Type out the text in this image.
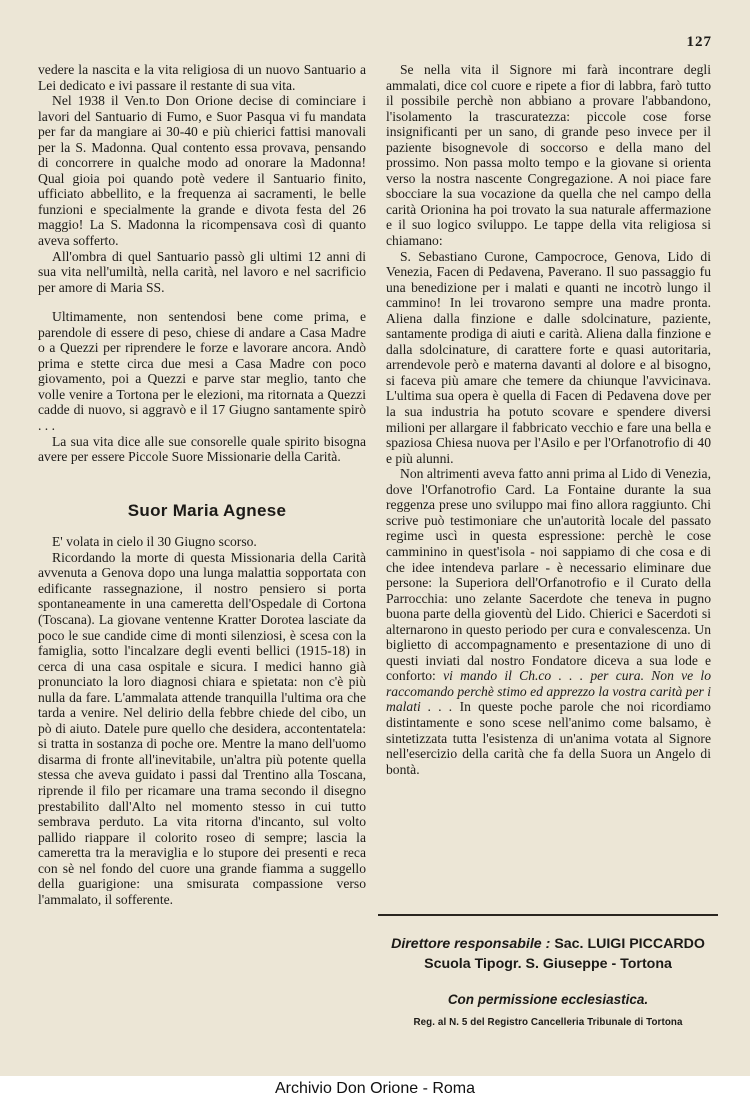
127

vedere la nascita e la vita religiosa di un nuovo Santuario a Lei dedicato e ivi passare il restante di sua vita.

Nel 1938 il Ven.to Don Orione decise di cominciare i lavori del Santuario di Fumo, e Suor Pasqua vi fu mandata per far da mangiare ai 30-40 e più chierici fattisi manovali per la S. Madonna. Qual contento essa provava, pensando di concorrere in qualche modo ad onorare la Madonna! Qual gioia poi quando potè vedere il Santuario finito, ufficiato abbellito, e la frequenza ai sacramenti, le belle funzioni e specialmente la grande e divota festa del 26 maggio! La S. Madonna la ricompensava così di quanto aveva sofferto.

All'ombra di quel Santuario passò gli ultimi 12 anni di sua vita nell'umiltà, nella carità, nel lavoro e nel sacrificio per amore di Maria SS.

Ultimamente, non sentendosi bene come prima, e parendole di essere di peso, chiese di andare a Casa Madre o a Quezzi per riprendere le forze e lavorare ancora. Andò prima e stette circa due mesi a Casa Madre con poco giovamento, poi a Quezzi e parve star meglio, tanto che volle venire a Tortona per le elezioni, ma ritornata a Quezzi cadde di nuovo, si aggravò e il 17 Giugno santamente spirò . . .

La sua vita dice alle sue consorelle quale spirito bisogna avere per essere Piccole Suore Missionarie della Carità.

Suor Maria Agnese

E' volata in cielo il 30 Giugno scorso.

Ricordando la morte di questa Missionaria della Carità avvenuta a Genova dopo una lunga malattia sopportata con edificante rassegnazione, il nostro pensiero si porta spontaneamente in una cameretta dell'Ospedale di Cortona (Toscana). La giovane ventenne Kratter Dorotea lasciate da poco le sue candide cime di monti silenziosi, è scesa con la famiglia, sotto l'incalzare degli eventi bellici (1915-18) in cerca di una casa ospitale e sicura. I medici hanno già pronunciato la loro diagnosi chiara e spietata: non c'è più nulla da fare. L'ammalata attende tranquilla l'ultima ora che tarda a venire. Nel delirio della febbre chiede del cibo, un pò di aiuto. Datele pure quello che desidera, accontentatela: si tratta in sostanza di poche ore. Mentre la mano dell'uomo disarma di fronte all'inevitabile, un'altra più potente quella stessa che aveva guidato i passi dal Trentino alla Toscana, riprende il filo per ricamare una trama secondo il disegno prestabilito dall'Alto nel momento stesso in cui tutto sembrava perduto. La vita ritorna d'incanto, sul volto pallido riappare il colorito roseo di sempre; lascia la cameretta tra la meraviglia e lo stupore dei presenti e reca con sè nel fondo del cuore una grande fiamma a suggello della guarigione: una smisurata compassione verso l'ammalato, il sofferente.

Se nella vita il Signore mi farà incontrare degli ammalati, dice col cuore e ripete a fior di labbra, farò tutto il possibile perchè non abbiano a provare l'abbandono, l'isolamento la trascuratezza: piccole cose forse insignificanti per un sano, di grande peso invece per il paziente bisognevole di soccorso e della mano del prossimo. Non passa molto tempo e la giovane si orienta verso la nostra nascente Congregazione. A noi piace fare sbocciare la sua vocazione da quella che nel campo della carità Orionina ha poi trovato la sua naturale affermazione e il suo logico sviluppo. Le tappe della vita religiosa si chiamano:

S. Sebastiano Curone, Campocroce, Genova, Lido di Venezia, Facen di Pedavena, Paverano. Il suo passaggio fu una benedizione per i malati e quanti ne incotrò lungo il cammino! In lei trovarono sempre una madre pronta. Aliena dalla finzione e dalle sdolcinature, paziente, santamente prodiga di aiuti e carità. Aliena dalla finzione e dalla sdolcinature, di carattere forte e quasi autoritaria, arrendevole però e materna davanti al dolore e al bisogno, si faceva più amare che temere da chiunque l'avvicinava. L'ultima sua opera è quella di Facen di Pedavena dove per la sua industria ha potuto scovare e spendere diversi milioni per allargare il fabbricato vecchio e fare una bella e spaziosa Chiesa nuova per l'Asilo e per l'Orfanotrofio di 40 e più alunni.

Non altrimenti aveva fatto anni prima al Lido di Venezia, dove l'Orfanotrofio Card. La Fontaine durante la sua reggenza prese uno sviluppo mai fino allora raggiunto. Chi scrive può testimoniare che un'autorità locale del passato regime uscì in questa espressione: perchè le cose camminino in quest'isola - noi sappiamo di che cosa e di che idee intendeva parlare - è necessario eliminare due persone: la Superiora dell'Orfanotrofio e il Curato della Parrocchia: uno zelante Sacerdote che teneva in pugno buona parte della gioventù del Lido. Chierici e Sacerdoti si alternarono in questo periodo per cura e convalescenza. Un biglietto di accompagnamento e presentazione di uno di questi inviati dal nostro Fondatore diceva a sua lode e conforto: vi mando il Ch.co . . . per cura. Non ve lo raccomando perchè stimo ed apprezzo la vostra carità per i malati . . . In queste poche parole che noi ricordiamo distintamente e sono scese nell'animo come balsamo, è sintetizzata tutta l'esistenza di un'anima votata al Signore nell'esercizio della carità che fa della Suora un Angelo di bontà.

Direttore responsabile : Sac. LUIGI PICCARDO
Scuola Tipogr. S. Giuseppe - Tortona
Con permissione ecclesiastica.
Reg. al N. 5 del Registro Cancelleria Tribunale di Tortona
Archivio Don Orione - Roma
